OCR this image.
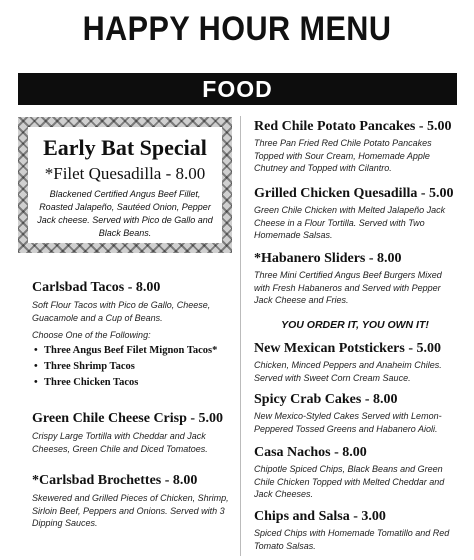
HAPPY HOUR MENU
FOOD
Early Bat Special
*Filet Quesadilla - 8.00
Blackened Certified Angus Beef Fillet, Roasted Jalapeño, Sautéed Onion, Pepper Jack cheese. Served with Pico de Gallo and Black Beans.
Carlsbad Tacos - 8.00
Soft Flour Tacos with Pico de Gallo, Cheese, Guacamole and a Cup of Beans.
Choose One of the Following:
• Three Angus Beef Filet Mignon Tacos*
• Three Shrimp Tacos
• Three Chicken Tacos
Green Chile Cheese Crisp - 5.00
Crispy Large Tortilla with Cheddar and Jack Cheeses, Green Chile and Diced Tomatoes.
*Carlsbad Brochettes - 8.00
Skewered and Grilled Pieces of Chicken, Shrimp, Sirloin Beef, Peppers and Onions. Served with 3 Dipping Sauces.
Red Chile Potato Pancakes - 5.00
Three Pan Fried Red Chile Potato Pancakes Topped with Sour Cream, Homemade Apple Chutney and Topped with Cilantro.
Grilled Chicken Quesadilla - 5.00
Green Chile Chicken with Melted Jalapeño Jack Cheese in a Flour Tortilla. Served with Two Homemade Salsas.
*Habanero Sliders - 8.00
Three Mini Certified Angus Beef Burgers Mixed with Fresh Habaneros and Served with Pepper Jack Cheese and Fries.
YOU ORDER IT, YOU OWN IT!
New Mexican Potstickers - 5.00
Chicken, Minced Peppers and Anaheim Chiles. Served with Sweet Corn Cream Sauce.
Spicy Crab Cakes - 8.00
New Mexico-Styled Cakes Served with Lemon-Peppered Tossed Greens and Habanero Aioli.
Casa Nachos - 8.00
Chipotle Spiced Chips, Black Beans and Green Chile Chicken Topped with Melted Cheddar and Jack Cheeses.
Chips and Salsa - 3.00
Spiced Chips with Homemade Tomatillo and Red Tomato Salsas.
